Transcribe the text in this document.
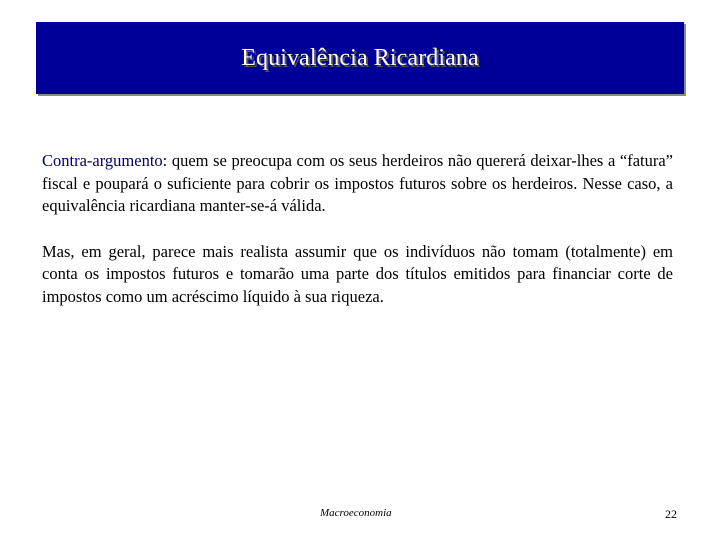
Equivalência Ricardiana

Contra-argumento: quem se preocupa com os seus herdeiros não quererá deixar-lhes a “fatura” fiscal e poupará o suficiente para cobrir os impostos futuros sobre os herdeiros. Nesse caso, a equivalência ricardiana manter-se-á válida.

Mas, em geral, parece mais realista assumir que os indivíduos não tomam (totalmente) em conta os impostos futuros e tomarão uma parte dos títulos emitidos para financiar corte de impostos como um acréscimo líquido à sua riqueza.

Macroeconomia	22
